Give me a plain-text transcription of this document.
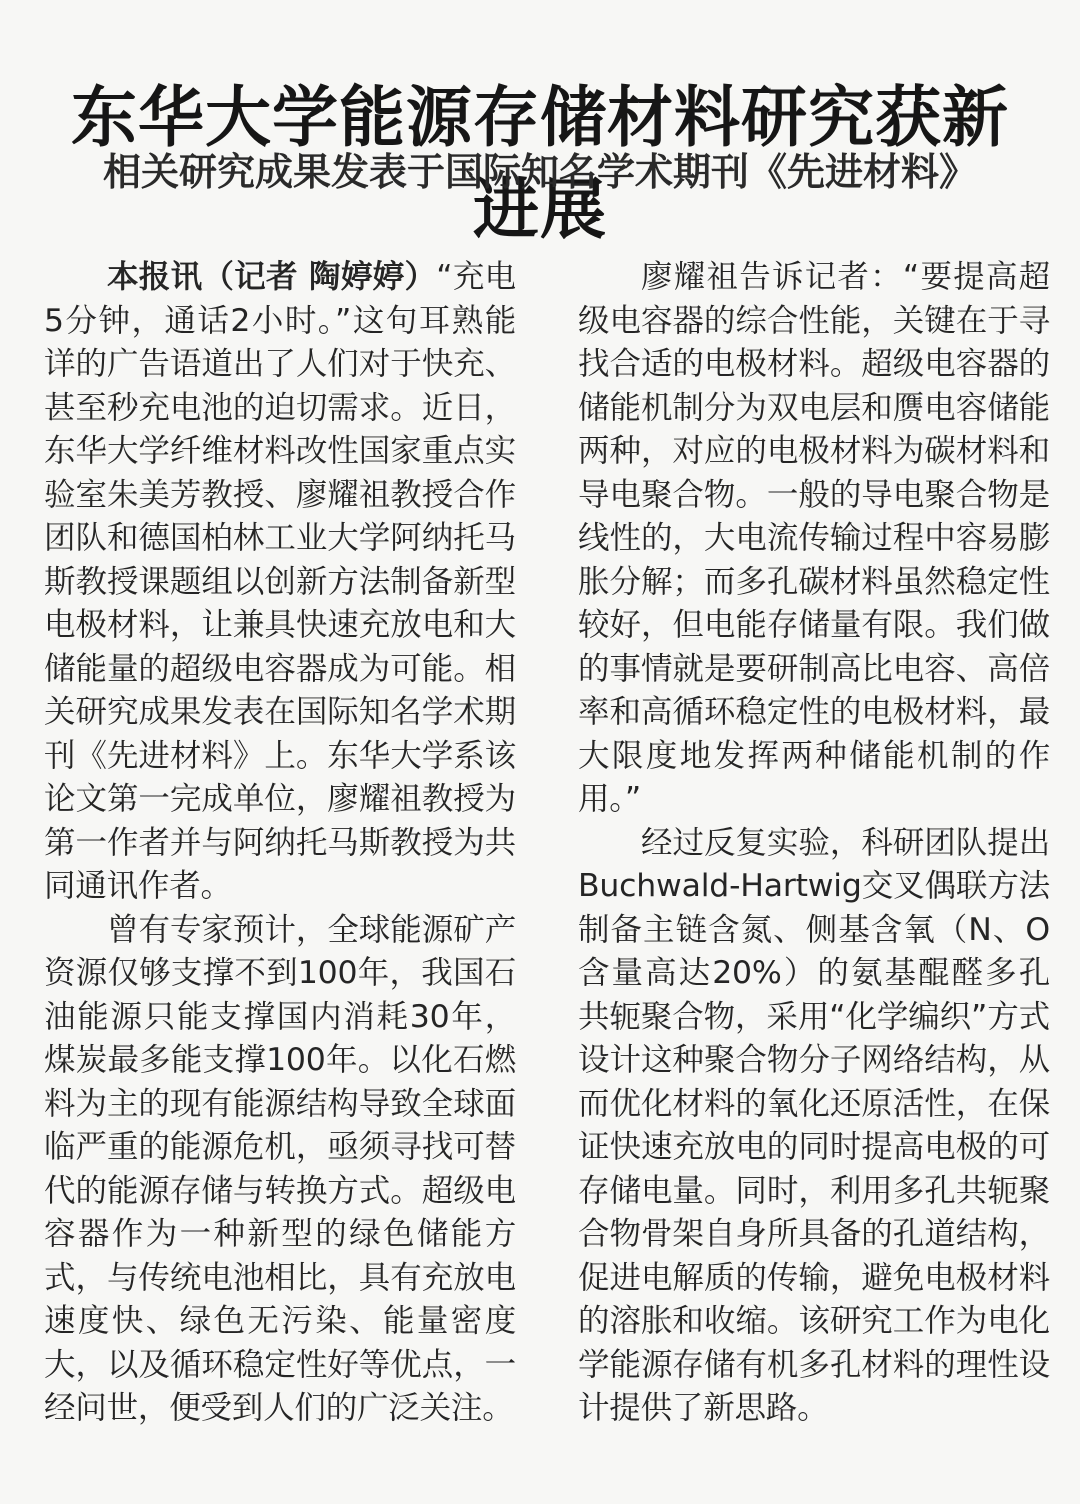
东华大学能源存储材料研究获新进展
相关研究成果发表于国际知名学术期刊《先进材料》

本报讯（记者 陶婷婷）“充电5分钟，通话2小时。”这句耳熟能详的广告语道出了人们对于快充、甚至秒充电池的迫切需求。近日，东华大学纤维材料改性国家重点实验室朱美芳教授、廖耀祖教授合作团队和德国柏林工业大学阿纳托马斯教授课题组以创新方法制备新型电极材料，让兼具快速充放电和大储能量的超级电容器成为可能。相关研究成果发表在国际知名学术期刊《先进材料》上。东华大学系该论文第一完成单位，廖耀祖教授为第一作者并与阿纳托马斯教授为共同通讯作者。

曾有专家预计，全球能源矿产资源仅够支撑不到100年，我国石油能源只能支撑国内消耗30年，煤炭最多能支撑100年。以化石燃料为主的现有能源结构导致全球面临严重的能源危机，亟须寻找可替代的能源存储与转换方式。超级电容器作为一种新型的绿色储能方式，与传统电池相比，具有充放电速度快、绿色无污染、能量密度大，以及循环稳定性好等优点，一经问世，便受到人们的广泛关注。

廖耀祖告诉记者：“要提高超级电容器的综合性能，关键在于寻找合适的电极材料。超级电容器的储能机制分为双电层和赝电容储能两种，对应的电极材料为碳材料和导电聚合物。一般的导电聚合物是线性的，大电流传输过程中容易膨胀分解；而多孔碳材料虽然稳定性较好，但电能存储量有限。我们做的事情就是要研制高比电容、高倍率和高循环稳定性的电极材料，最大限度地发挥两种储能机制的作用。”

经过反复实验，科研团队提出Buchwald-Hartwig交叉偶联方法制备主链含氮、侧基含氧（N、O含量高达20%）的氨基醌醛多孔共轭聚合物，采用“化学编织”方式设计这种聚合物分子网络结构，从而优化材料的氧化还原活性，在保证快速充放电的同时提高电极的可存储电量。同时，利用多孔共轭聚合物骨架自身所具备的孔道结构，促进电解质的传输，避免电极材料的溶胀和收缩。该研究工作为电化学能源存储有机多孔材料的理性设计提供了新思路。
